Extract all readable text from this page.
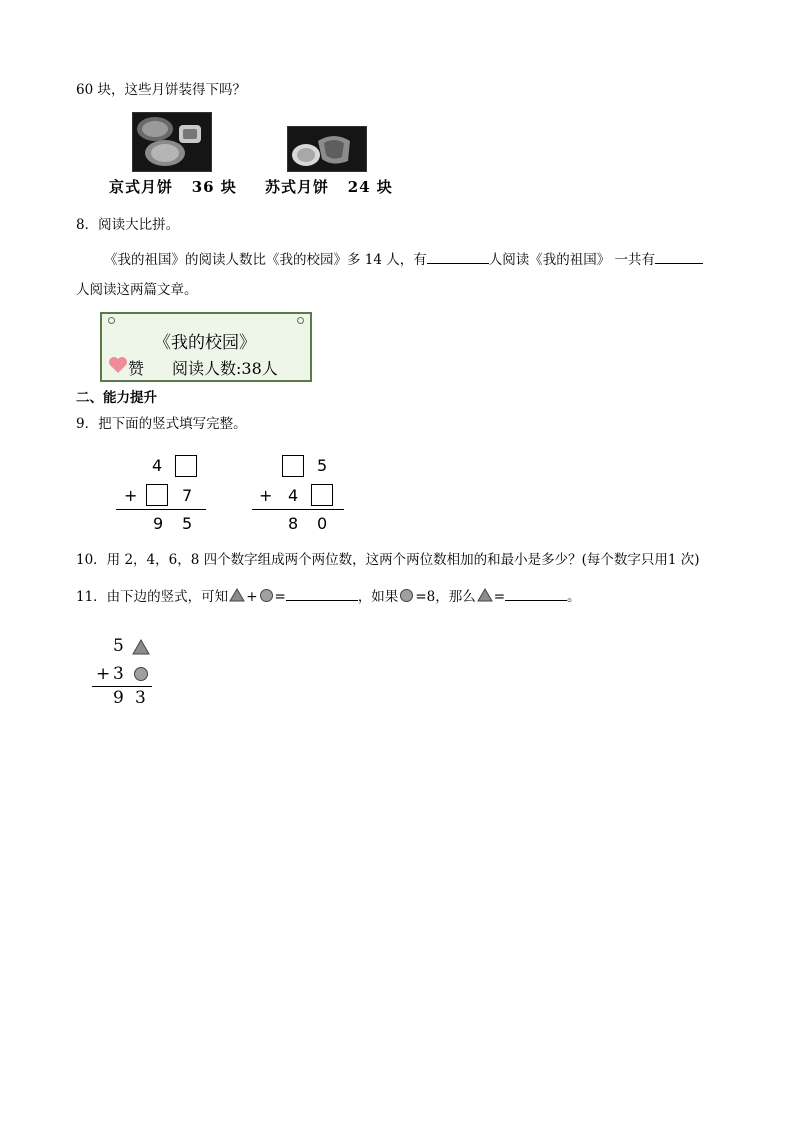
60 块，这些月饼装得下吗？
京式月饼 36 块 苏式月饼 24 块
8．阅读大比拼。
《我的祖国》的阅读人数比《我的校园》多 14 人，有	人阅读《我的祖国》 一共有
人阅读这两篇文章。
《我的校园》
赞 阅读人数:38人
二、能力提升
9．把下面的竖式填写完整。
4
+	7
9 5
5
+ 4
8 0
10．用 2，4，6，8 四个数字组成两个两位数，这两个两位数相加的和最小是多少？(每个数字只用1 次)
11．由下边的竖式，可知 + =	，如果 =8，那么 =	。
5
+ 3
9 3
